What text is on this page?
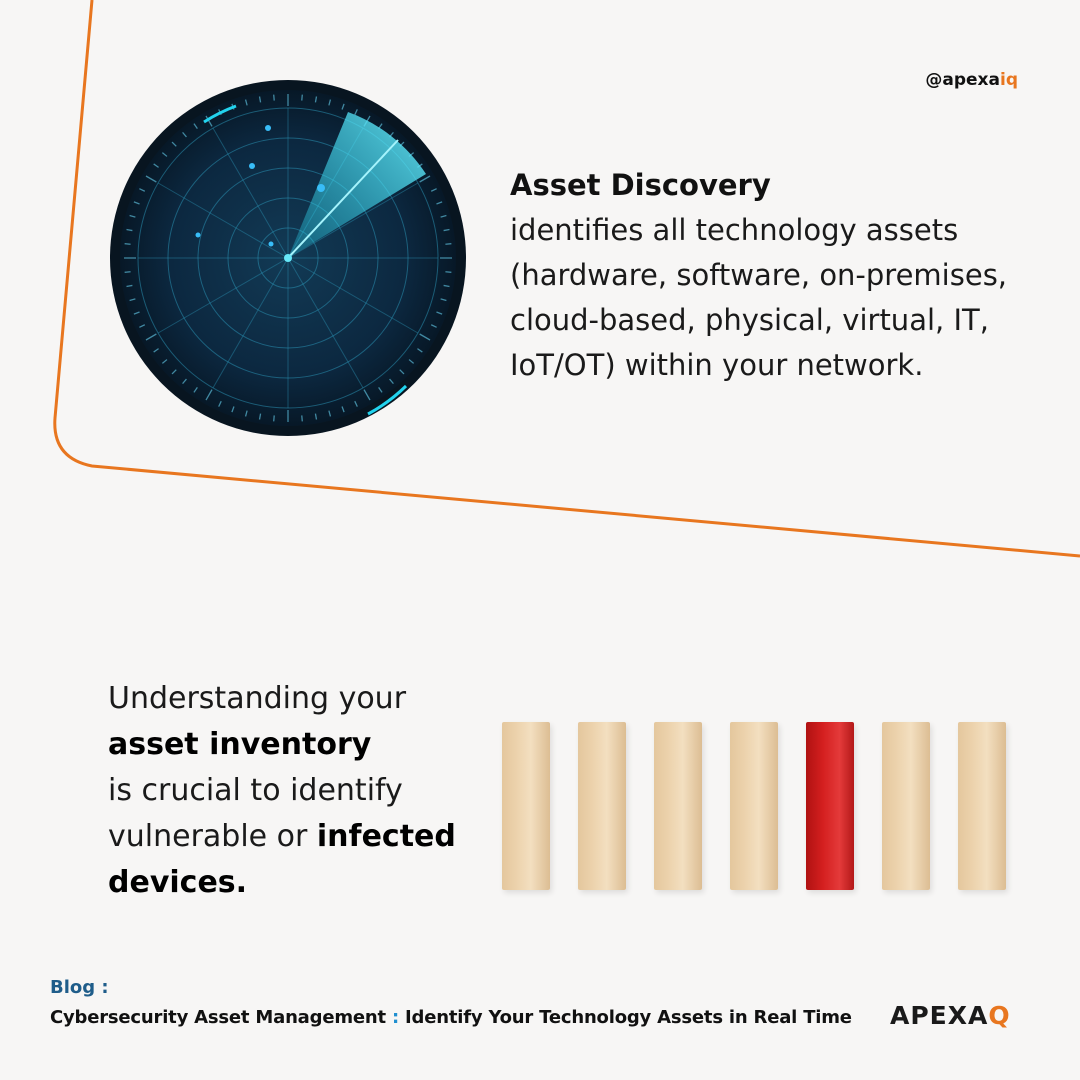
@apexaiq
Asset Discovery
identifies all technology assets
(hardware, software, on-premises,
cloud-based, physical, virtual, IT,
IoT/OT) within your network.
Understanding your
asset inventory
is crucial to identify
vulnerable or infected
devices.
Blog :
Cybersecurity Asset Management : Identify Your Technology Assets in Real Time APEXA Q
